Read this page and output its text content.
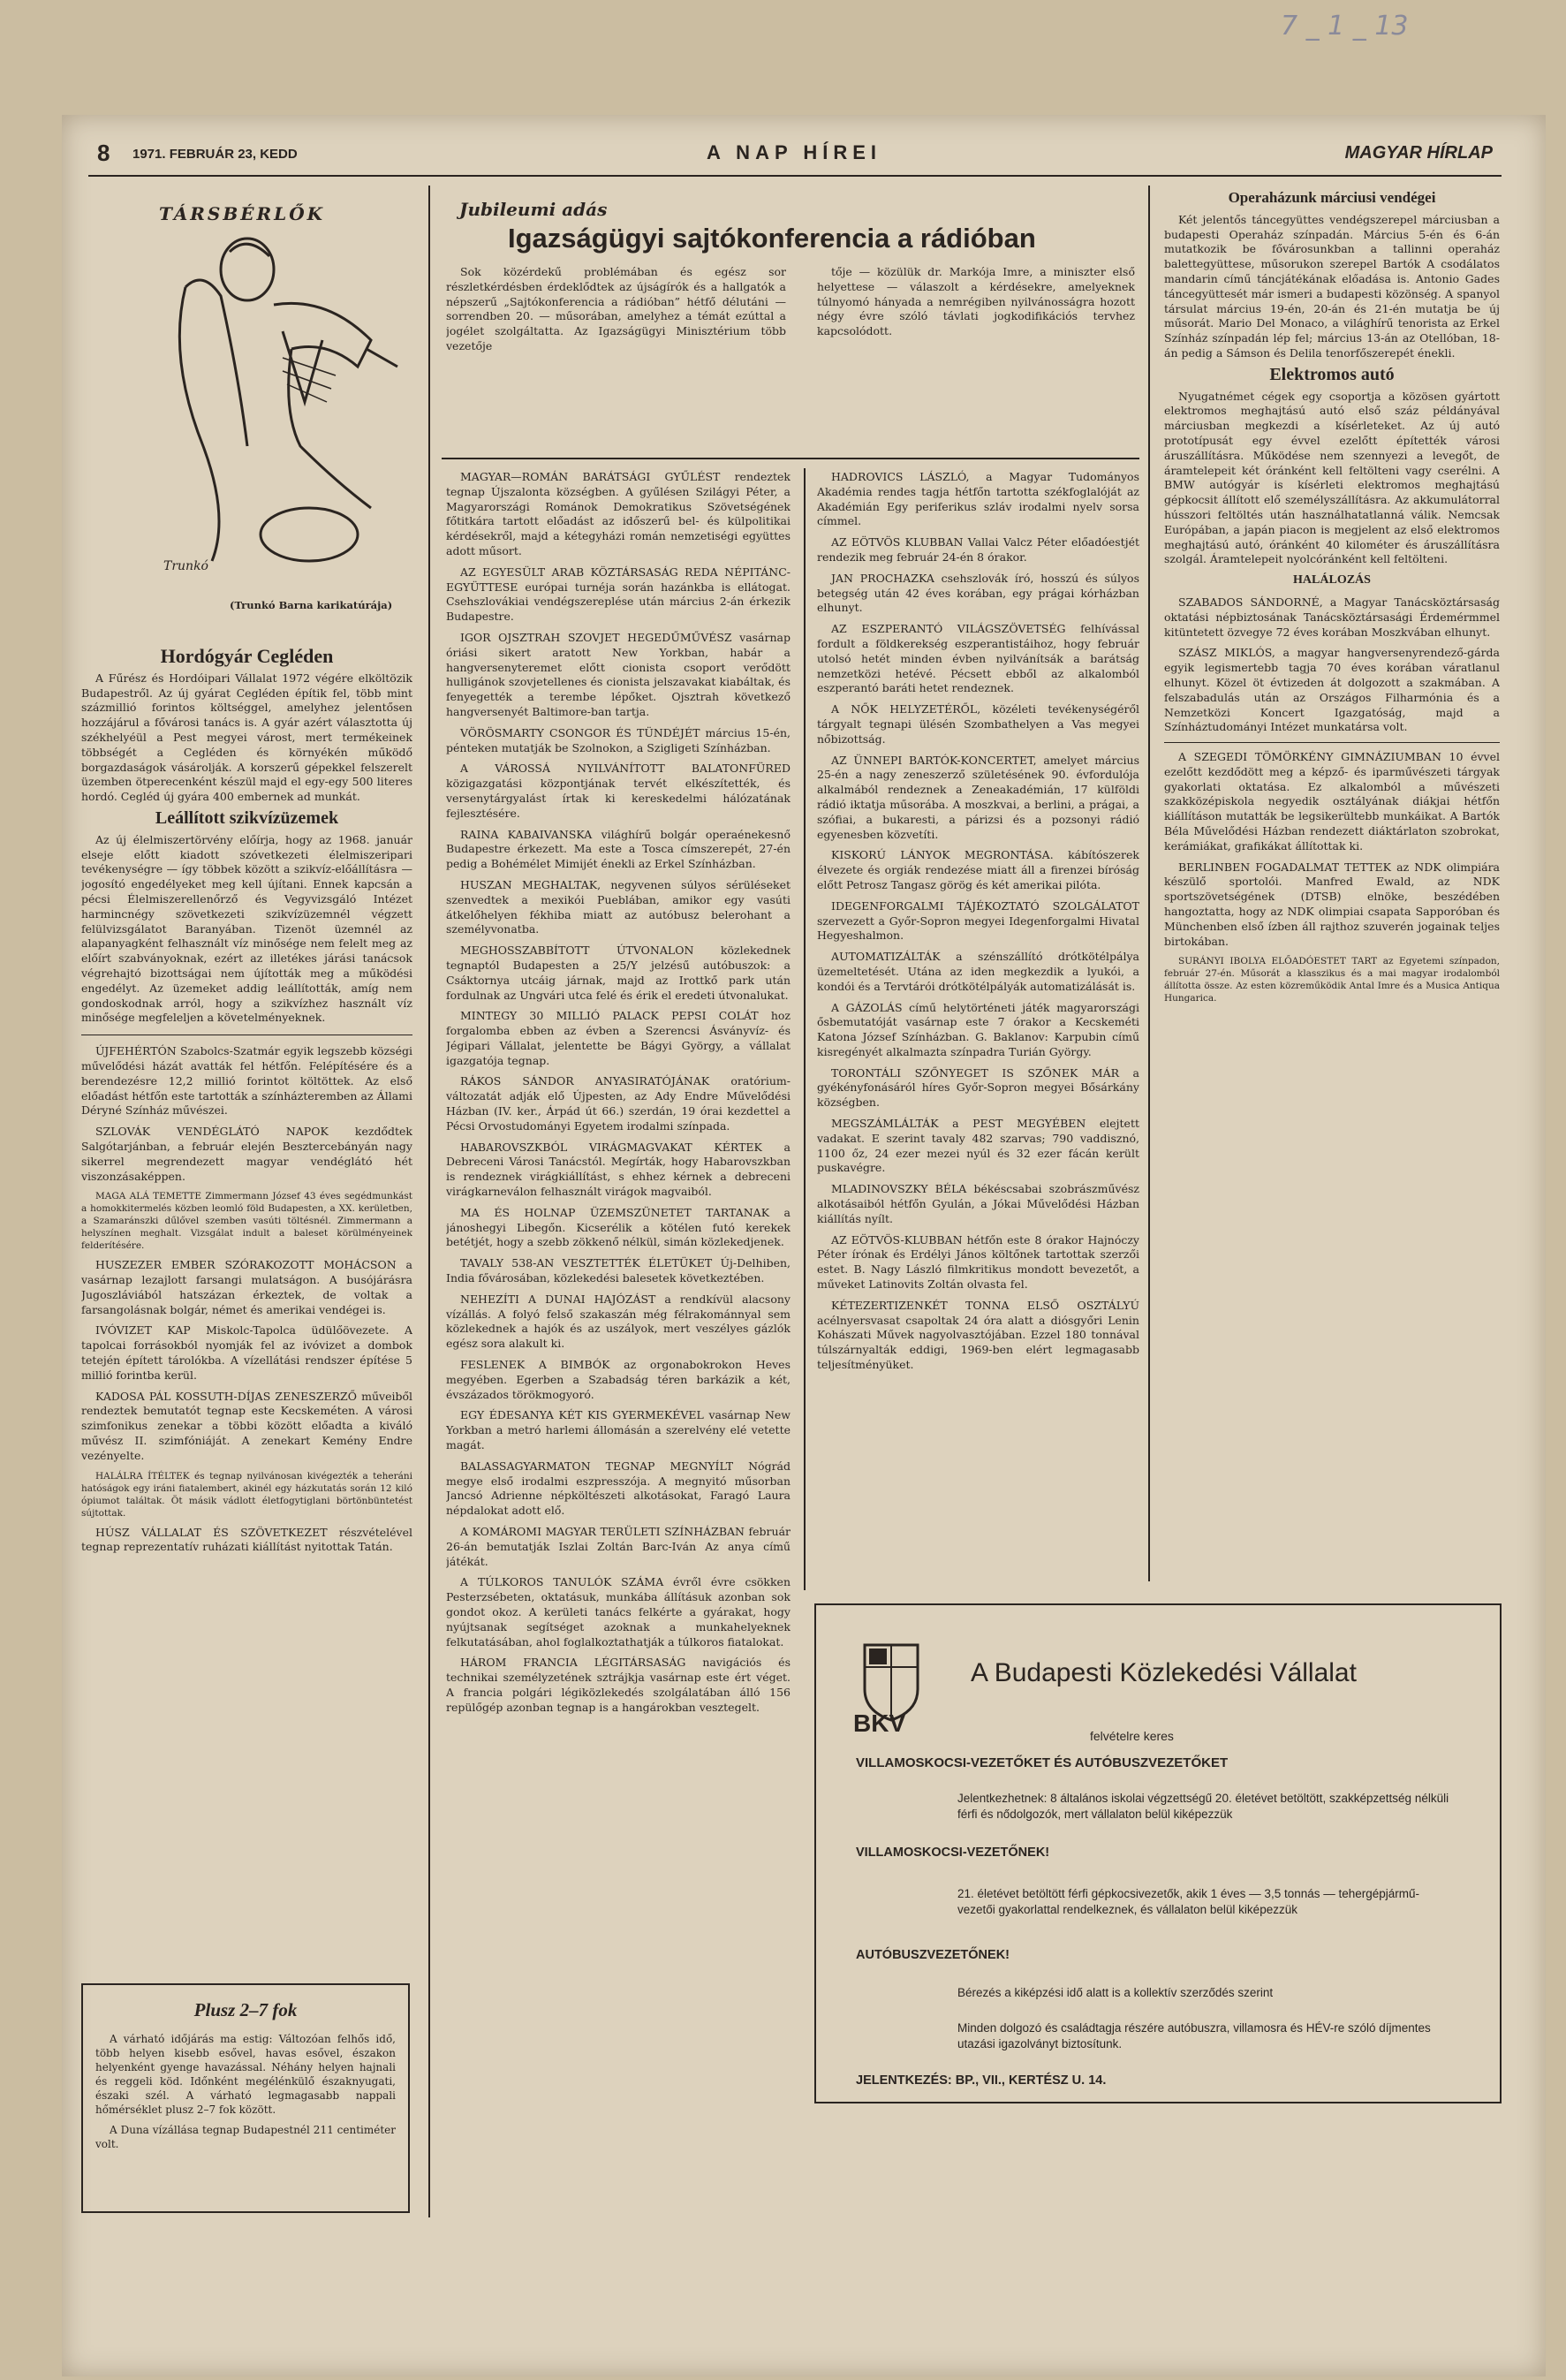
7 _ 1 _ 13
8 1971. FEBRUÁR 23, KEDD	A NAP HÍREI	MAGYAR HÍRLAP
TÁRSBÉRLŐK
Trunkó
(Trunkó Barna karikatúrája)
Hordógyár Cegléden

A Fűrész és Hordóipari Vállalat 1972 végére elköltözik Budapestről. Az új gyárat Cegléden építik fel, több mint százmillió forintos költséggel, amelyhez jelentősen hozzájárul a fővárosi tanács is. A gyár azért választotta új székhelyéül a Pest megyei várost, mert termékeinek többségét a Cegléden és környékén működő borgazdaságok vásárolják. A korszerű gépekkel felszerelt üzemben ötperecenként készül majd el egy-egy 500 literes hordó. Cegléd új gyára 400 embernek ad munkát.

Leállított szikvízüzemek

Az új élelmiszertörvény előírja, hogy az 1968. január elseje előtt kiadott szóvetkezeti élelmiszeripari tevékenységre — így többek között a szikvíz-előállításra — jogosító engedélyeket meg kell újítani. Ennek kapcsán a pécsi Élelmiszerellenőrző és Vegyvizsgáló Intézet harmincnégy szövetkezeti szikvízüzemnél végzett felülvizsgálatot Baranyában. Tizenöt üzemnél az alapanyagként felhasznált víz minősége nem felelt meg az előírt szabványoknak, ezért az illetékes járási tanácsok végrehajtó bizottságai nem újították meg a működési engedélyt. Az üzemeket addig leállították, amíg nem gondoskodnak arról, hogy a szikvízhez használt víz minősége megfeleljen a követelményeknek.

ÚJFEHÉRTÓN Szabolcs-Szatmár egyik legszebb községi művelődési házát avatták fel hétfőn. Felépítésére és a berendezésre 12,2 millió forintot költöttek. Az első előadást hétfőn este tartották a színházteremben az Állami Déryné Színház művészei.

SZLOVÁK VENDÉGLÁTÓ NAPOK kezdődtek Salgótarjánban, a február elején Besztercebányán nagy sikerrel megrendezett magyar vendéglátó hét viszonzásaképpen.

MAGA ALÁ TEMETTE Zimmermann József 43 éves segédmunkást a homokkitermelés közben leomló föld Budapesten, a XX. kerületben, a Szamaránszki dűlővel szemben vasúti töltésnél. Zimmermann a helyszínen meghalt. Vizsgálat indult a baleset körülményeinek felderítésére.

HUSZEZER EMBER SZÓRAKOZOTT MOHÁCSON a vasárnap lezajlott farsangi mulatságon. A busójárásra Jugoszláviából hatszázan érkeztek, de voltak a farsangolásnak bolgár, német és amerikai vendégei is.

IVÓVIZET KAP Miskolc-Tapolca üdülőövezete. A tapolcai forrásokból nyomják fel az ivóvizet a dombok tetején épített tárolókba. A vízellátási rendszer építése 5 millió forintba kerül.

KADOSA PÁL KOSSUTH-DÍJAS ZENESZERZŐ műveiből rendeztek bemutatót tegnap este Kecskeméten. A városi szimfonikus zenekar a többi között előadta a kiváló művész II. szimfóniáját. A zenekart Kemény Endre vezényelte.

HALÁLRA ÍTÉLTEK és tegnap nyilvánosan kivégezték a teheráni hatóságok egy iráni fiatalembert, akinél egy házkutatás során 12 kiló ópiumot találtak. Öt másik vádlott életfogytiglani börtönbüntetést sújtottak.

HÚSZ VÁLLALAT ÉS SZÖVETKEZET részvételével tegnap reprezentatív ruházati kiállítást nyitottak Tatán.

Plusz 2–7 fok

A várható időjárás ma estig: Változóan felhős idő, több helyen kisebb esővel, havas esővel, északon helyenként gyenge havazással. Néhány helyen hajnali és reggeli köd. Időnként megélénkülő északnyugati, északi szél. A várható legmagasabb nappali hőmérséklet plusz 2–7 fok között.

A Duna vízállása tegnap Budapestnél 211 centiméter volt.

Jubileumi adás
Igazságügyi sajtókonferencia a rádióban

Sok közérdekű problémában és egész sor részletkérdésben érdeklődtek az újságírók és a hallgatók a népszerű „Sajtókonferencia a rádióban” hétfő délutáni — sorrendben 20. — műsorában, amelyhez a témát ezúttal a jogélet szolgáltatta. Az Igazságügyi Minisztérium több vezetője

tője — közülük dr. Markója Imre, a miniszter első helyettese — válaszolt a kérdésekre, amelyeknek túlnyomó hányada a nemrégiben nyilvánosságra hozott négy évre szóló távlati jogkodifikációs tervhez kapcsolódott.

MAGYAR—ROMÁN BARÁTSÁGI GYŰLÉST rendeztek tegnap Újszalonta községben. A gyűlésen Szilágyi Péter, a Magyarországi Románok Demokratikus Szövetségének főtitkára tartott előadást az időszerű bel- és külpolitikai kérdésekről, majd a kétegyházi román nemzetiségi együttes adott műsort.

AZ EGYESÜLT ARAB KÖZTÁRSASÁG REDA NÉPITÁNC-EGYÜTTESE európai turnéja során hazánkba is ellátogat. Csehszlovákiai vendégszereplése után március 2-án érkezik Budapestre.

IGOR OJSZTRAH SZOVJET HEGEDŰMŰVÉSZ vasárnap óriási sikert aratott New Yorkban, habár a hangversenyteremet előtt cionista csoport verődött hulligánok szovjetellenes és cionista jelszavakat kiabáltak, és fenyegették a terembe lépőket. Ojsztrah következő hangversenyét Baltimore-ban tartja.

VÖRÖSMARTY CSONGOR ÉS TÜNDÉJÉT március 15-én, pénteken mutatják be Szolnokon, a Szigligeti Színházban.

A VÁROSSÁ NYILVÁNÍTOTT BALATONFÜRED közigazgatási központjának tervét elkészítették, és versenytárgyalást írtak ki kereskedelmi hálózatának fejlesztésére.

RAINA KABAIVANSKA világhírű bolgár operaénekesnő Budapestre érkezett. Ma este a Tosca címszerepét, 27-én pedig a Bohémélet Mimijét énekli az Erkel Színházban.

HUSZAN MEGHALTAK, negyvenen súlyos sérüléseket szenvedtek a mexikói Pueblában, amikor egy vasúti átkelőhelyen fékhiba miatt az autóbusz belerohant a személyvonatba.

MEGHOSSZABBÍTOTT ÚTVONALON közlekednek tegnaptól Budapesten a 25/Y jelzésű autóbuszok: a Csáktornya utcáig járnak, majd az Irottkő park után fordulnak az Ungvári utca felé és érik el eredeti útvonalukat.

MINTEGY 30 MILLIÓ PALACK PEPSI COLÁT hoz forgalomba ebben az évben a Szerencsi Ásványvíz- és Jégipari Vállalat, jelentette be Bágyi György, a vállalat igazgatója tegnap.

RÁKOS SÁNDOR ANYASIRATÓJÁNAK oratórium-változatát adják elő Újpesten, az Ady Endre Művelődési Házban (IV. ker., Árpád út 66.) szerdán, 19 órai kezdettel a Pécsi Orvostudományi Egyetem irodalmi színpada.

HABAROVSZKBÓL VIRÁGMAGVAKAT KÉRTEK a Debreceni Városi Tanácstól. Megírták, hogy Habarovszkban is rendeznek virágkiállítást, s ehhez kérnek a debreceni virágkarneválon felhasznált virágok magvaiból.

MA ÉS HOLNAP ÜZEMSZÜNETET TARTANAK a jánoshegyi Libegőn. Kicserélik a kötélen futó kerekek betétjét, hogy a szebb zökkenő nélkül, simán közlekedjenek.

TAVALY 538-AN VESZTETTÉK ÉLETÜKET Új-Delhiben, India fővárosában, közlekedési balesetek következtében.

NEHEZÍTI A DUNAI HAJÓZÁST a rendkívül alacsony vízállás. A folyó felső szakaszán még félrakománnyal sem közlekednek a hajók és az uszályok, mert veszélyes gázlók egész sora alakult ki.

FESLENEK A BIMBÓK az orgonabokrokon Heves megyében. Egerben a Szabadság téren barkázik a két, évszázados törökmogyoró.

EGY ÉDESANYA KÉT KIS GYERMEKÉVEL vasárnap New Yorkban a metró harlemi állomásán a szerelvény elé vetette magát.

BALASSAGYARMATON TEGNAP MEGNYÍLT Nógrád megye első irodalmi eszpresszója. A megnyitó műsorban Jancsó Adrienne népköltészeti alkotásokat, Faragó Laura népdalokat adott elő.

A KOMÁROMI MAGYAR TERÜLETI SZÍNHÁZBAN február 26-án bemutatják Iszlai Zoltán Barc-Iván Az anya című játékát.

A TÚLKOROS TANULÓK SZÁMA évről évre csökken Pesterzsébeten, oktatásuk, munkába állításuk azonban sok gondot okoz. A kerületi tanács felkérte a gyárakat, hogy nyújtsanak segítséget azoknak a munkahelyeknek felkutatásában, ahol foglalkoztathatják a túlkoros fiatalokat.

HÁROM FRANCIA LÉGITÁRSASÁG navigációs és technikai személyzetének sztrájkja vasárnap este ért véget. A francia polgári légiközlekedés szolgálatában álló 156 repülőgép azonban tegnap is a hangárokban vesztegelt.

HADROVICS LÁSZLÓ, a Magyar Tudományos Akadémia rendes tagja hétfőn tartotta székfoglalóját az Akadémián Egy periferikus szláv irodalmi nyelv sorsa címmel.

AZ EÖTVÖS KLUBBAN Vallai Valcz Péter előadóestjét rendezik meg február 24-én 8 órakor.

JAN PROCHAZKA csehszlovák író, hosszú és súlyos betegség után 42 éves korában, egy prágai kórházban elhunyt.

AZ ESZPERANTÓ VILÁGSZÖVETSÉG felhívással fordult a földkerekség eszperantistáihoz, hogy február utolsó hetét minden évben nyilvánítsák a barátság nemzetközi hetévé. Pécsett ebből az alkalomból eszperantó baráti hetet rendeznek.

A NŐK HELYZETÉRŐL, közéleti tevékenységéről tárgyalt tegnapi ülésén Szombathelyen a Vas megyei nőbizottság.

AZ ÜNNEPI BARTÓK-KONCERTET, amelyet március 25-én a nagy zeneszerző születésének 90. évfordulója alkalmából rendeznek a Zeneakadémián, 17 külföldi rádió iktatja műsorába. A moszkvai, a berlini, a prágai, a szófiai, a bukaresti, a párizsi és a pozsonyi rádió egyenesben közvetíti.

KISKORÚ LÁNYOK MEGRONTÁSA. kábítószerek élvezete és orgiák rendezése miatt áll a firenzei bíróság előtt Petrosz Tangasz görög és két amerikai pilóta.

IDEGENFORGALMI TÁJÉKOZTATÓ SZOLGÁLATOT szervezett a Győr-Sopron megyei Idegenforgalmi Hivatal Hegyeshalmon.

AUTOMATIZÁLTÁK a szénszállító drótkötélpálya üzemeltetését. Utána az iden megkezdik a lyukói, a kondói és a Tervtárói drótkötélpályák automatizálását is.

A GÁZOLÁS című helytörténeti játék magyarországi ősbemutatóját vasárnap este 7 órakor a Kecskeméti Katona József Színházban. G. Baklanov: Karpubin című kisregényét alkalmazta színpadra Turián György.

TORONTÁLI SZŐNYEGET IS SZŐNEK MÁR a gyékényfonásáról híres Győr-Sopron megyei Bősárkány községben.

MEGSZÁMLÁLTÁK a PEST MEGYÉBEN elejtett vadakat. E szerint tavaly 482 szarvas; 790 vaddisznó, 1100 őz, 24 ezer mezei nyúl és 32 ezer fácán került puskavégre.

MLADINOVSZKY BÉLA békéscsabai szobrászművész alkotásaiból hétfőn Gyulán, a Jókai Művelődési Házban kiállítás nyílt.

AZ EÖTVÖS-KLUBBAN hétfőn este 8 órakor Hajnóczy Péter írónak és Erdélyi János költőnek tartottak szerzői estet. B. Nagy László filmkritikus mondott bevezetőt, a műveket Latinovits Zoltán olvasta fel.

KÉTEZERTIZENKÉT TONNA ELSŐ OSZTÁLYÚ acélnyersvasat csapoltak 24 óra alatt a diósgyőri Lenin Kohászati Művek nagyolvasztójában. Ezzel 180 tonnával túlszárnyalták eddigi, 1969-ben elért legmagasabb teljesítményüket.

Operaházunk márciusi vendégei

Két jelentős táncegyüttes vendégszerepel márciusban a budapesti Operaház színpadán. Március 5-én és 6-án mutatkozik be fővárosunkban a tallinni operaház balettegyüttese, műsorukon szerepel Bartók A csodálatos mandarin című táncjátékának előadása is. Antonio Gades táncegyüttesét már ismeri a budapesti közönség. A spanyol társulat március 19-én, 20-án és 21-én mutatja be új műsorát. Mario Del Monaco, a világhírű tenorista az Erkel Színház színpadán lép fel; március 13-án az Otellóban, 18-án pedig a Sámson és Delila tenorfőszerepét énekli.

Elektromos autó

Nyugatnémet cégek egy csoportja a közösen gyártott elektromos meghajtású autó első száz példányával márciusban megkezdi a kísérleteket. Az új autó prototípusát egy évvel ezelőtt építették városi áruszállításra. Működése nem szennyezi a levegőt, de áramtelepeit két óránként kell feltölteni vagy cserélni. A BMW autógyár is kísérleti elektromos meghajtású gépkocsit állított elő személyszállításra. Az akkumulátorral hússzori feltöltés után használhatatlanná válik. Nemcsak Európában, a japán piacon is megjelent az első elektromos meghajtású autó, óránként 40 kilométer és áruszállításra szolgál. Áramtelepeit nyolcóránként kell feltölteni.

HALÁLOZÁS

SZABADOS SÁNDORNÉ, a Magyar Tanácsköztársaság oktatási népbiztosának Tanácsköztársasági Érdemérmmel kitüntetett özvegye 72 éves korában Moszkvában elhunyt.

SZÁSZ MIKLÓS, a magyar hangversenyrendező-gárda egyik legismertebb tagja 70 éves korában váratlanul elhunyt. Közel öt évtizeden át dolgozott a szakmában. A felszabadulás után az Országos Filharmónia és a Nemzetközi Koncert Igazgatóság, majd a Színháztudományi Intézet munkatársa volt.

A SZEGEDI TÖMÖRKÉNY GIMNÁZIUMBAN 10 évvel ezelőtt kezdődött meg a képző- és iparművészeti tárgyak gyakorlati oktatása. Ez alkalomból a művészeti szakközépiskola negyedik osztályának diákjai hétfőn kiállításon mutatták be legsikerültebb munkáikat. A Bartók Béla Művelődési Házban rendezett diáktárlaton szobrokat, kerámiákat, grafikákat állítottak ki.

BERLINBEN FOGADALMAT TETTEK az NDK olimpiára készülő sportolói. Manfred Ewald, az NDK sportszövetségének (DTSB) elnöke, beszédében hangoztatta, hogy az NDK olimpiai csapata Sapporóban és Münchenben első ízben áll rajthoz szuverén jogainak teljes birtokában.

SURÁNYI IBOLYA ELŐADÓESTET TART az Egyetemi színpadon, február 27-én. Műsorát a klasszikus és a mai magyar irodalomból állította össze. Az esten közreműködik Antal Imre és a Musica Antiqua Hungarica.

BKV
A Budapesti Közlekedési Vállalat
felvételre keres
VILLAMOSKOCSI-VEZETŐKET ÉS AUTÓBUSZVEZETŐKET
Jelentkezhetnek: 8 általános iskolai végzettségű 20. életévet betöltött, szakképzettség nélküli férfi és nődolgozók, mert vállalaton belül kiképezzük
VILLAMOSKOCSI-VEZETŐNEK!
21. életévet betöltött férfi gépkocsivezetők, akik 1 éves — 3,5 tonnás — tehergépjármű-vezetői gyakorlattal rendelkeznek, és vállalaton belül kiképezzük
AUTÓBUSZVEZETŐNEK!
Bérezés a kiképzési idő alatt is a kollektív szerződés szerint
Minden dolgozó és családtagja részére autóbuszra, villamosra és HÉV-re szóló díjmentes utazási igazolványt biztosítunk.
JELENTKEZÉS: BP., VII., KERTÉSZ U. 14.
